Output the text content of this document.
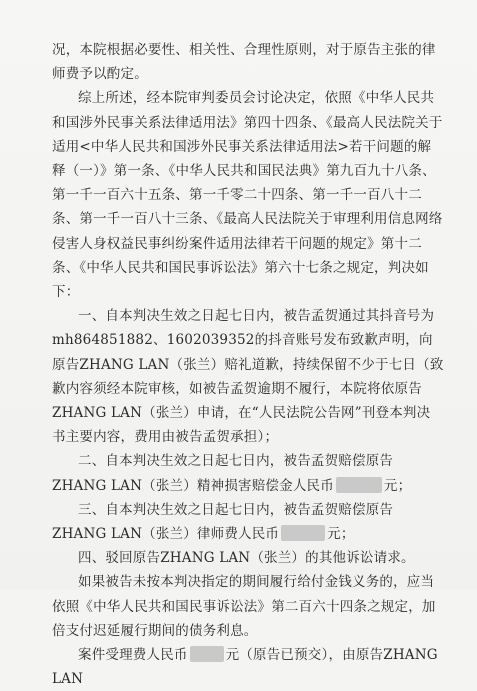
况，本院根据必要性、相关性、合理性原则，对于原告主张的律师费予以酌定。

综上所述，经本院审判委员会讨论决定，依照《中华人民共和国涉外民事关系法律适用法》第四十四条、《最高人民法院关于适用<中华人民共和国涉外民事关系法律适用法>若干问题的解释（一）》第一条、《中华人民共和国民法典》第九百九十八条、第一千一百六十五条、第一千零二十四条、第一千一百八十二条、第一千一百八十三条、《最高人民法院关于审理利用信息网络侵害人身权益民事纠纷案件适用法律若干问题的规定》第十二条、《中华人民共和国民事诉讼法》第六十七条之规定，判决如下：

一、自本判决生效之日起七日内，被告孟贺通过其抖音号为mh864851882、1602039352的抖音账号发布致歉声明，向原告ZHANG LAN（张兰）赔礼道歉，持续保留不少于七日（致歉内容须经本院审核，如被告孟贺逾期不履行，本院将依原告ZHANG LAN（张兰）申请，在“人民法院公告网”刊登本判决书主要内容，费用由被告孟贺承担）；

二、自本判决生效之日起七日内，被告孟贺赔偿原告ZHANG LAN（张兰）精神损害赔偿金人民币	元；

三、自本判决生效之日起七日内，被告孟贺赔偿原告ZHANG LAN（张兰）律师费人民币	元；

四、驳回原告ZHANG LAN（张兰）的其他诉讼请求。

如果被告未按本判决指定的期间履行给付金钱义务的，应当依照《中华人民共和国民事诉讼法》第二百六十四条之规定，加倍支付迟延履行期间的债务利息。

案件受理费人民币	元（原告已预交），由原告ZHANG LAN
